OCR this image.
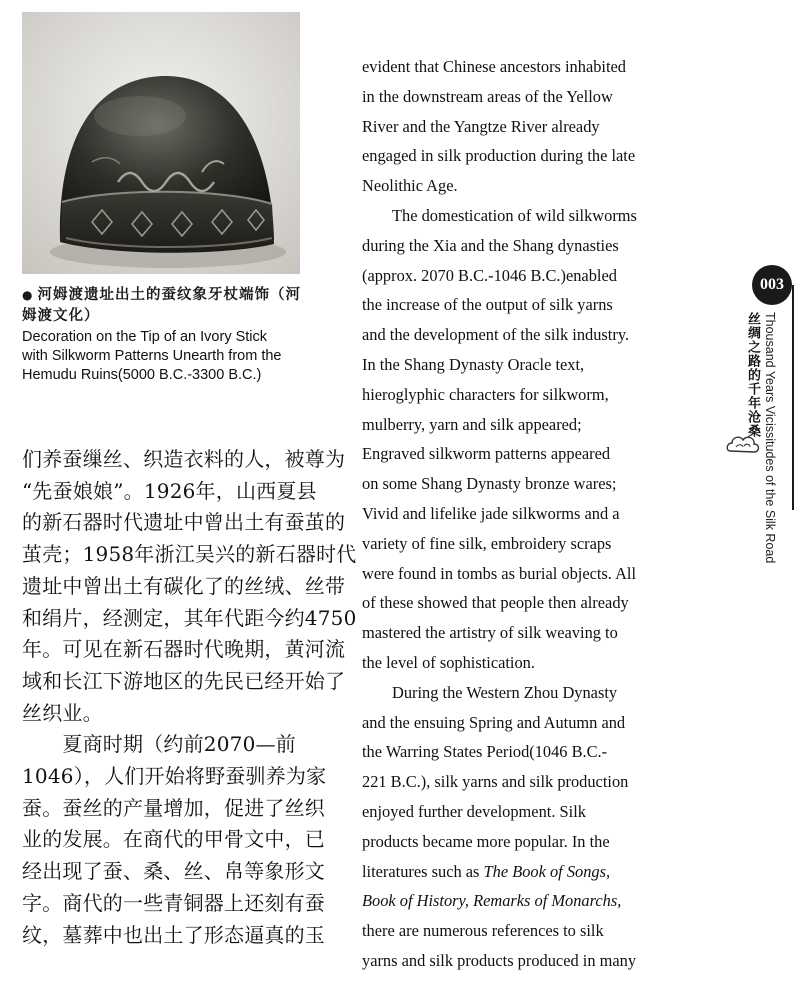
● 河姆渡遗址出土的蚕纹象牙杖端饰（河
姆渡文化）

Decoration on the Tip of an Ivory Stick
with Silkworm Patterns Unearth from the
Hemudu Ruins(5000 B.C.-3300 B.C.)

们养蚕缫丝、织造衣料的人，被尊为
“先蚕娘娘”。1926年，山西夏县
的新石器时代遗址中曾出土有蚕茧的
茧壳；1958年浙江吴兴的新石器时代
遗址中曾出土有碳化了的丝绒、丝带
和绢片，经测定，其年代距今约4750
年。可见在新石器时代晚期，黄河流
域和长江下游地区的先民已经开始了
丝织业。
　　夏商时期（约前2070—前
1046），人们开始将野蚕驯养为家
蚕。蚕丝的产量增加，促进了丝织
业的发展。在商代的甲骨文中，已
经出现了蚕、桑、丝、帛等象形文
字。商代的一些青铜器上还刻有蚕
纹，墓葬中也出土了形态逼真的玉
evident that Chinese ancestors inhabited
in the downstream areas of the Yellow
River and the Yangtze River already
engaged in silk production during the late
Neolithic Age.
The domestication of wild silkworms
during the Xia and the Shang dynasties
(approx. 2070 B.C.-1046 B.C.)enabled
the increase of the output of silk yarns
and the development of the silk industry.
In the Shang Dynasty Oracle text,
hieroglyphic characters for silkworm,
mulberry, yarn and silk appeared;
Engraved silkworm patterns appeared
on some Shang Dynasty bronze wares;
Vivid and lifelike jade silkworms and a
variety of fine silk, embroidery scraps
were found in tombs as burial objects. All
of these showed that people then already
mastered the artistry of silk weaving to
the level of sophistication.
During the Western Zhou Dynasty
and the ensuing Spring and Autumn and
the Warring States Period(1046 B.C.-
221 B.C.), silk yarns and silk production
enjoyed further development. Silk
products became more popular. In the
literatures such as The Book of Songs,
Book of History, Remarks of Monarchs,
there are numerous references to silk
yarns and silk products produced in many
003
丝绸之路的千年沧桑 Thousand Years Vicissitudes of the Silk Road
